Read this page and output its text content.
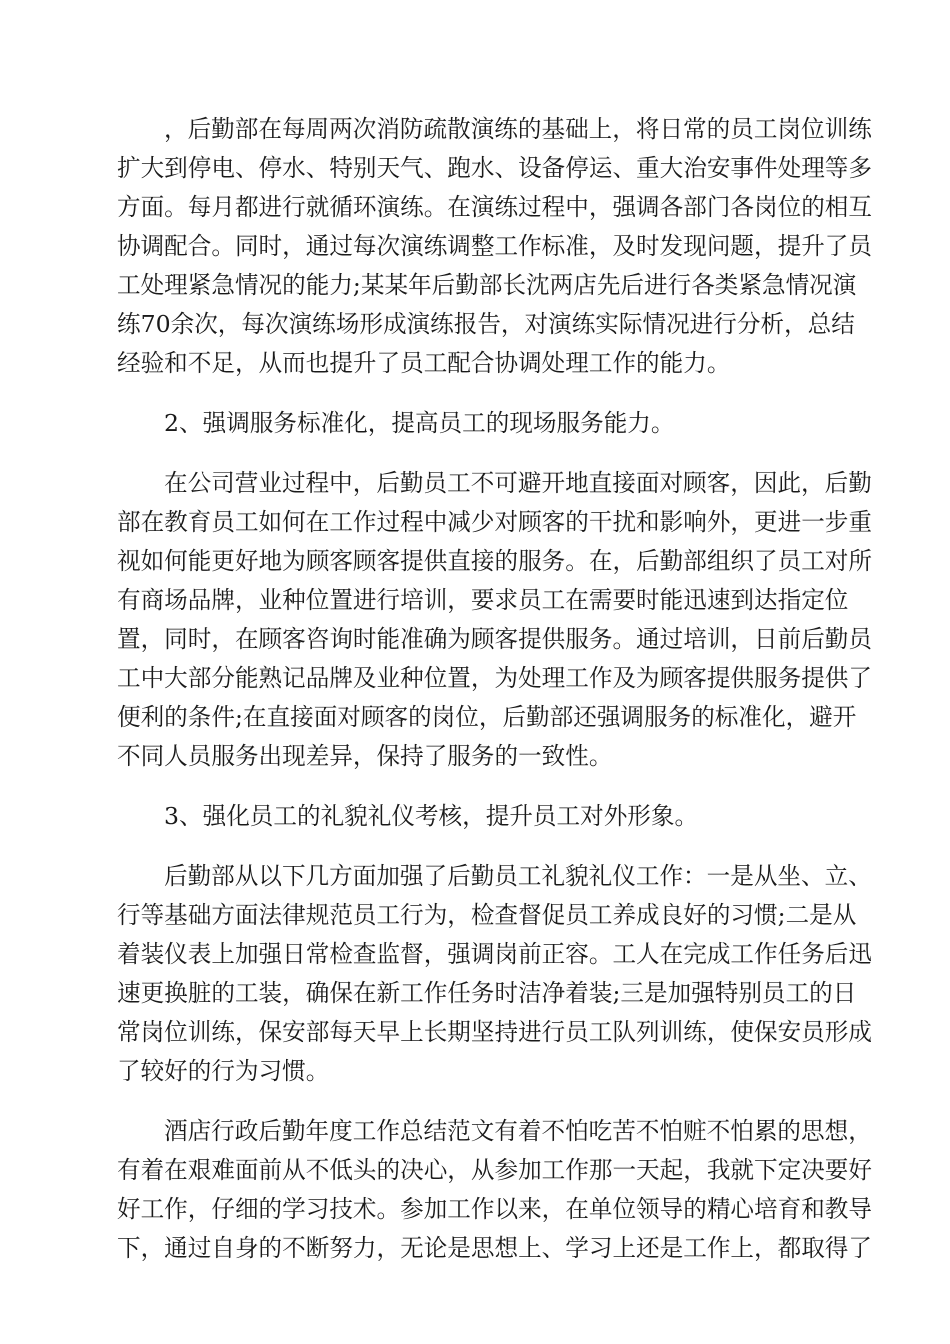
，后勤部在每周两次消防疏散演练的基础上，将日常的员工岗位训练
扩大到停电、停水、特别天气、跑水、设备停运、重大治安事件处理等多
方面。每月都进行就循环演练。在演练过程中，强调各部门各岗位的相互
协调配合。同时，通过每次演练调整工作标准，及时发现问题，提升了员
工处理紧急情况的能力;某某年后勤部长沈两店先后进行各类紧急情况演
练70余次，每次演练场形成演练报告，对演练实际情况进行分析，总结
经验和不足，从而也提升了员工配合协调处理工作的能力。
2、强调服务标准化，提高员工的现场服务能力。
在公司营业过程中，后勤员工不可避开地直接面对顾客，因此，后勤
部在教育员工如何在工作过程中减少对顾客的干扰和影响外，更进一步重
视如何能更好地为顾客顾客提供直接的服务。在，后勤部组织了员工对所
有商场品牌，业种位置进行培训，要求员工在需要时能迅速到达指定位
置，同时，在顾客咨询时能准确为顾客提供服务。通过培训，日前后勤员
工中大部分能熟记品牌及业种位置，为处理工作及为顾客提供服务提供了
便利的条件;在直接面对顾客的岗位，后勤部还强调服务的标准化，避开
不同人员服务出现差异，保持了服务的一致性。
3、强化员工的礼貌礼仪考核，提升员工对外形象。
后勤部从以下几方面加强了后勤员工礼貌礼仪工作：一是从坐、立、
行等基础方面法律规范员工行为，检查督促员工养成良好的习惯;二是从
着装仪表上加强日常检查监督，强调岗前正容。工人在完成工作任务后迅
速更换脏的工装，确保在新工作任务时洁净着装;三是加强特别员工的日
常岗位训练，保安部每天早上长期坚持进行员工队列训练，使保安员形成
了较好的行为习惯。
酒店行政后勤年度工作总结范文有着不怕吃苦不怕赃不怕累的思想，
有着在艰难面前从不低头的决心，从参加工作那一天起，我就下定决要好
好工作，仔细的学习技术。参加工作以来，在单位领导的精心培育和教导
下，通过自身的不断努力，无论是思想上、学习上还是工作上，都取得了
